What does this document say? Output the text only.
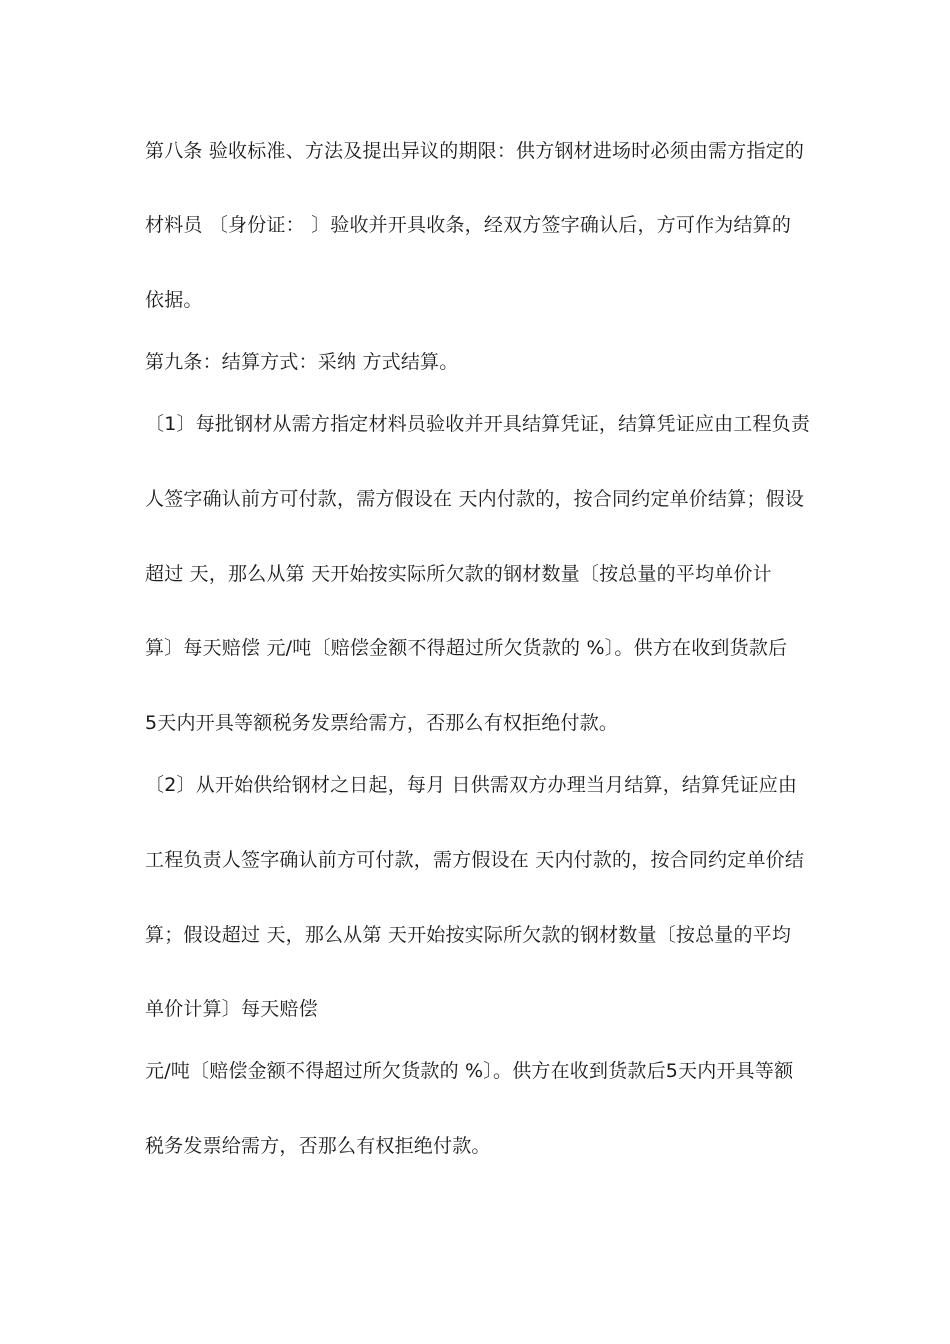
第八条 验收标准、方法及提出异议的期限：供方钢材进场时必须由需方指定的
材料员 〔身份证： 〕验收并开具收条，经双方签字确认后，方可作为结算的
依据。
第九条：结算方式：采纳 方式结算。
〔1〕每批钢材从需方指定材料员验收并开具结算凭证，结算凭证应由工程负责
人签字确认前方可付款，需方假设在 天内付款的，按合同约定单价结算；假设
超过 天，那么从第 天开始按实际所欠款的钢材数量〔按总量的平均单价计
算〕每天赔偿 元/吨〔赔偿金额不得超过所欠货款的 %〕。供方在收到货款后
5天内开具等额税务发票给需方，否那么有权拒绝付款。
〔2〕从开始供给钢材之日起，每月 日供需双方办理当月结算，结算凭证应由
工程负责人签字确认前方可付款，需方假设在 天内付款的，按合同约定单价结
算；假设超过 天，那么从第 天开始按实际所欠款的钢材数量〔按总量的平均
单价计算〕每天赔偿
元/吨〔赔偿金额不得超过所欠货款的 %〕。供方在收到货款后5天内开具等额
税务发票给需方，否那么有权拒绝付款。
